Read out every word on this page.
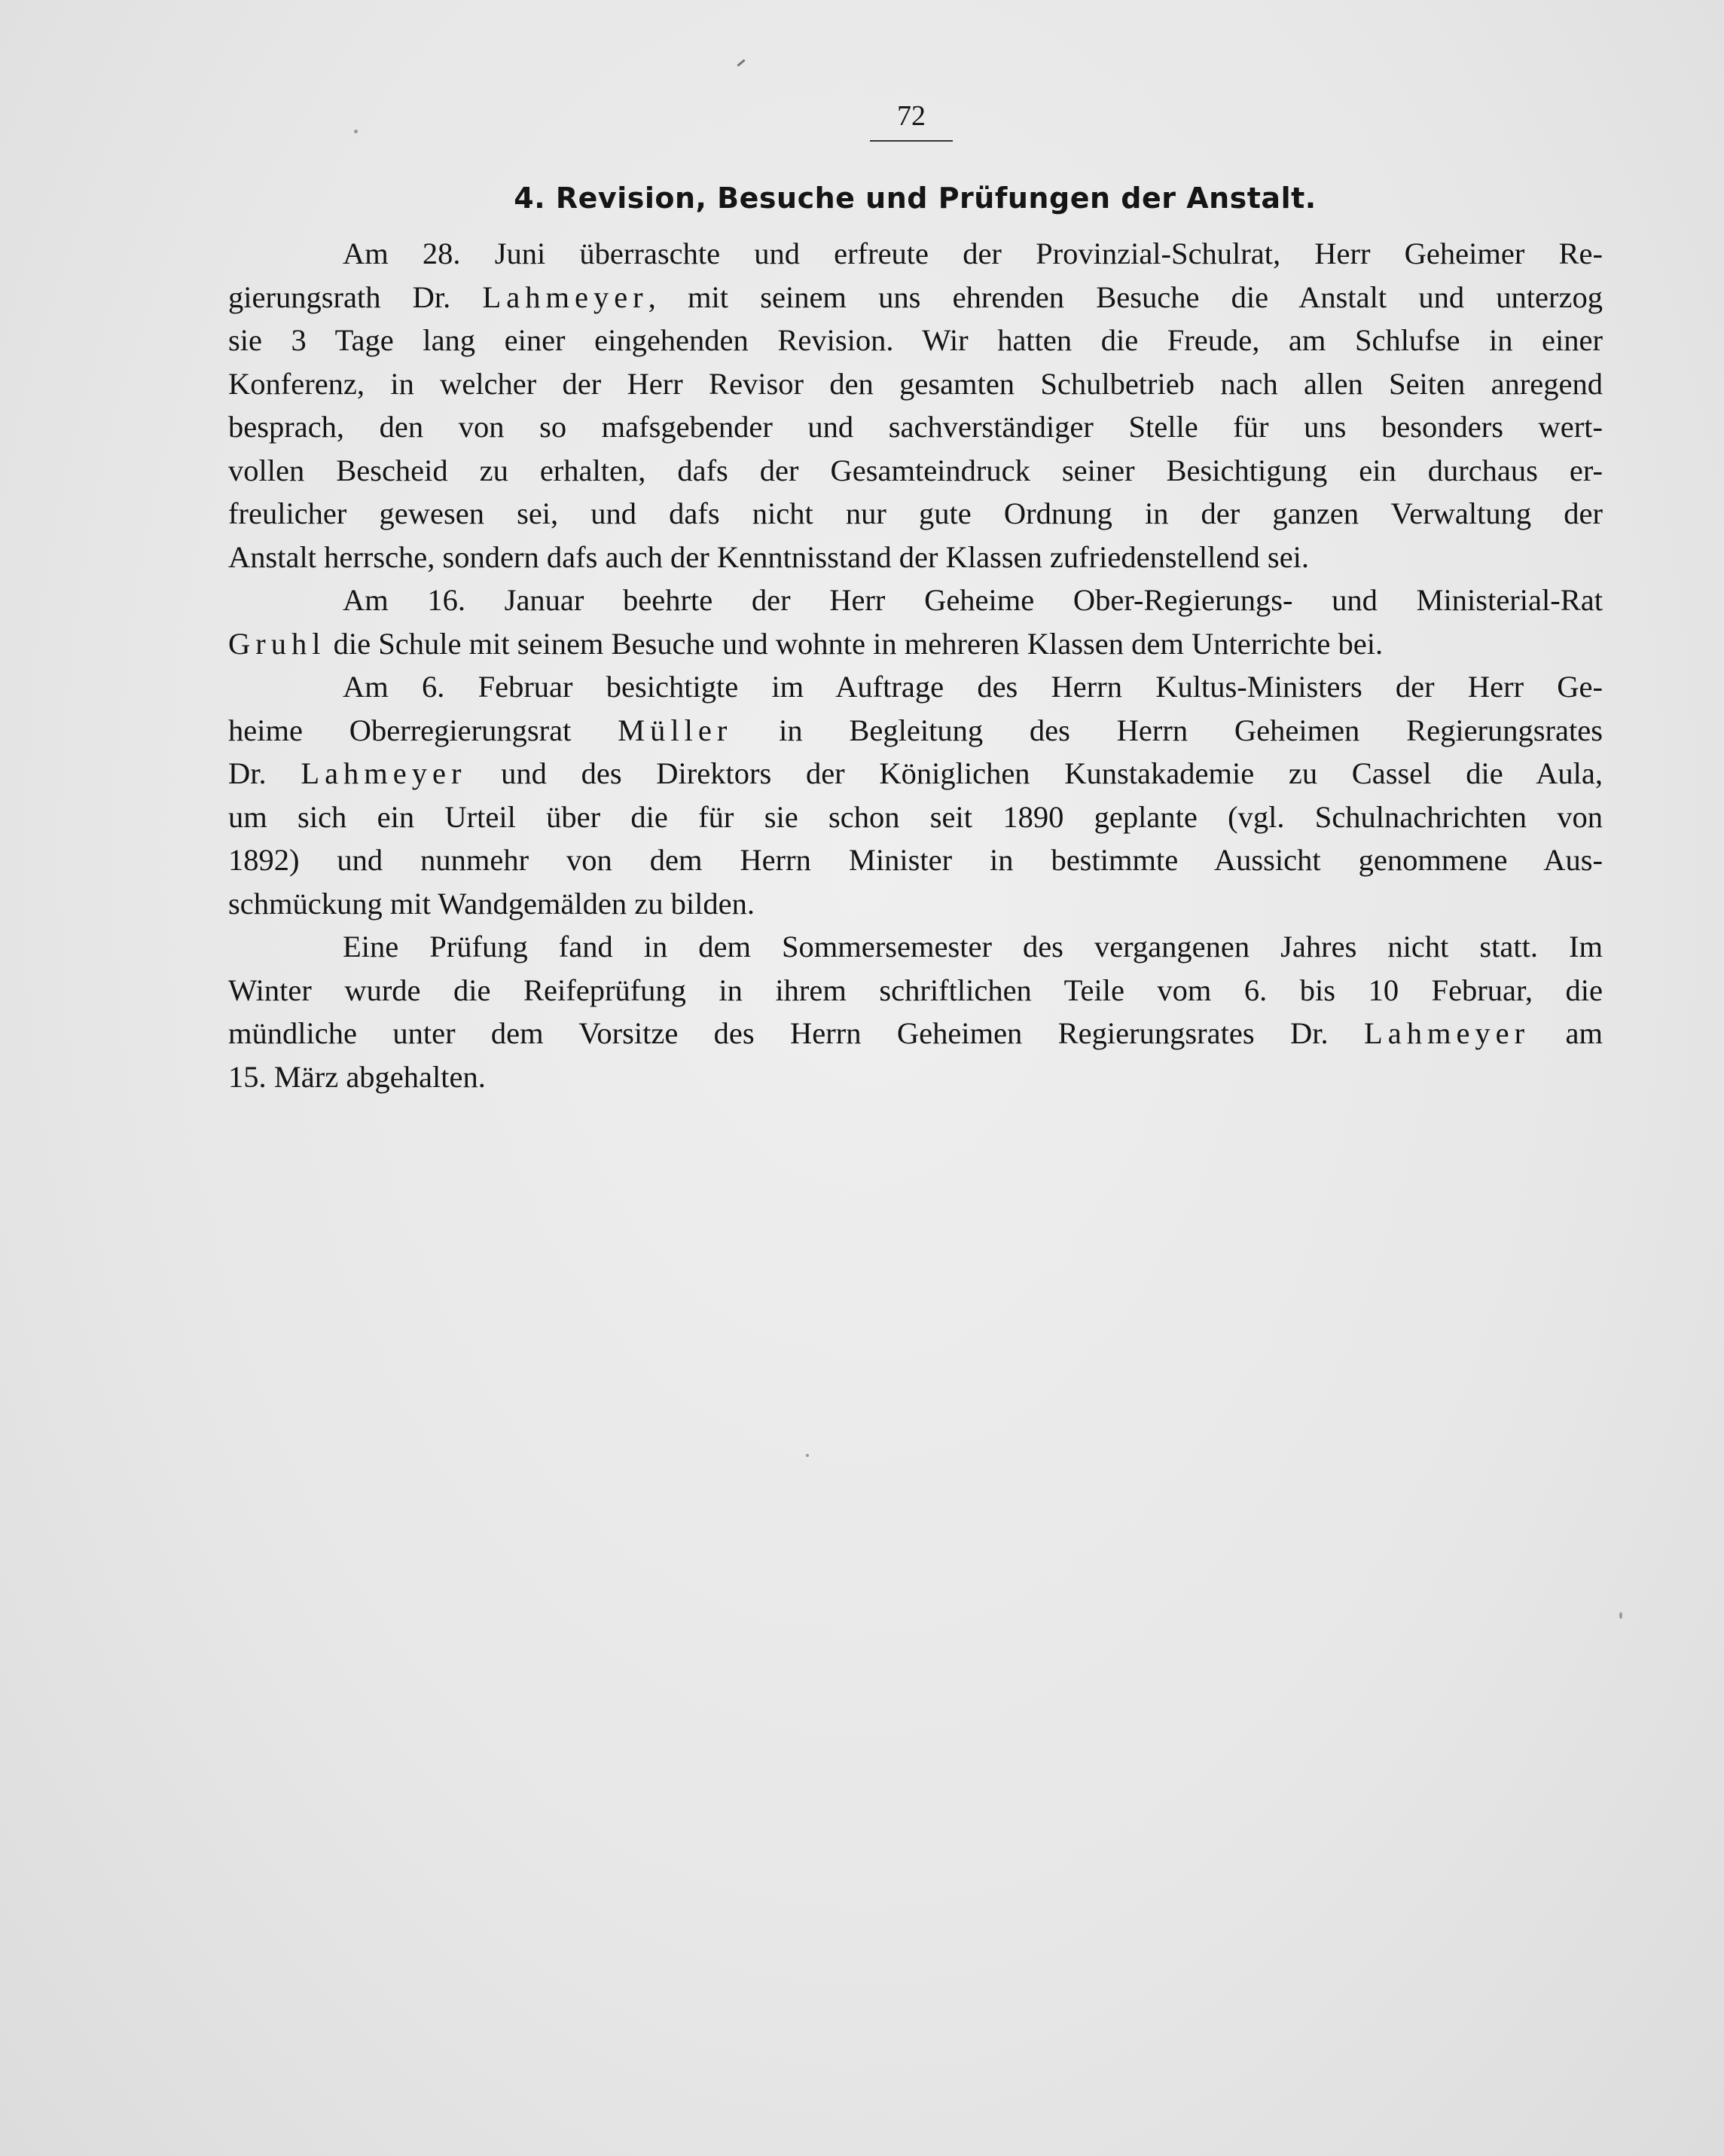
72
4. Revision, Besuche und Prüfungen der Anstalt.

Am 28. Juni überraschte und erfreute der Provinzial-Schulrat, Herr Geheimer Re-

gierungsrath Dr. Lahmeyer, mit seinem uns ehrenden Besuche die Anstalt und unterzog

sie 3 Tage lang einer eingehenden Revision. Wir hatten die Freude, am Schlufse in einer

Konferenz, in welcher der Herr Revisor den gesamten Schulbetrieb nach allen Seiten anregend

besprach, den von so mafsgebender und sachverständiger Stelle für uns besonders wert-

vollen Bescheid zu erhalten, dafs der Gesamteindruck seiner Besichtigung ein durchaus er-

freulicher gewesen sei, und dafs nicht nur gute Ordnung in der ganzen Verwaltung der

Anstalt herrsche, sondern dafs auch der Kenntnisstand der Klassen zufriedenstellend sei.

Am 16. Januar beehrte der Herr Geheime Ober-Regierungs- und Ministerial-Rat

Gruhl die Schule mit seinem Besuche und wohnte in mehreren Klassen dem Unterrichte bei.

Am 6. Februar besichtigte im Auftrage des Herrn Kultus-Ministers der Herr Ge-

heime Oberregierungsrat Müller in Begleitung des Herrn Geheimen Regierungsrates

Dr. Lahmeyer und des Direktors der Königlichen Kunstakademie zu Cassel die Aula,

um sich ein Urteil über die für sie schon seit 1890 geplante (vgl. Schulnachrichten von

1892) und nunmehr von dem Herrn Minister in bestimmte Aussicht genommene Aus-

schmückung mit Wandgemälden zu bilden.

Eine Prüfung fand in dem Sommersemester des vergangenen Jahres nicht statt. Im

Winter wurde die Reifeprüfung in ihrem schriftlichen Teile vom 6. bis 10 Februar, die

mündliche unter dem Vorsitze des Herrn Geheimen Regierungsrates Dr. Lahmeyer am

15. März abgehalten.
